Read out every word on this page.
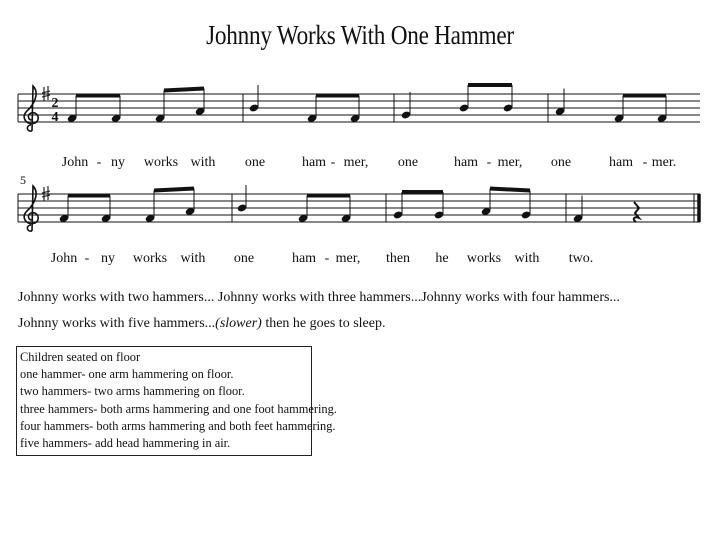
Johnny Works With One Hammer
2
4
John - ny works with one	ham - mer, one	ham - mer, one	ham - mer.
5
John - ny works with one	ham - mer, then he works with two.
Johnny works with two hammers... Johnny works with three hammers...Johnny works with four hammers...
Johnny works with five hammers...(slower) then he goes to sleep.
Children seated on floor
one hammer- one arm hammering on floor.
two hammers- two arms hammering on floor.
three hammers- both arms hammering and one foot hammering.
four hammers- both arms hammering and both feet hammering.
five hammers- add head hammering in air.
